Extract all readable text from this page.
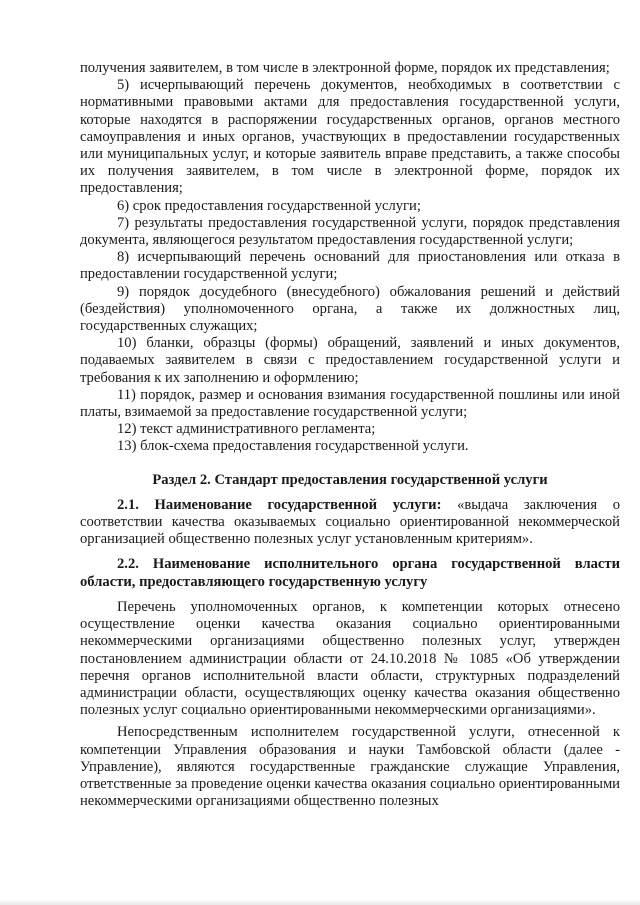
получения заявителем, в том числе в электронной форме, порядок их представления;

5) исчерпывающий перечень документов, необходимых в соответствии с нормативными правовыми актами для предоставления государственной услуги, которые находятся в распоряжении государственных органов, органов местного самоуправления и иных органов, участвующих в предоставлении государственных или муниципальных услуг, и которые заявитель вправе представить, а также способы их получения заявителем, в том числе в электронной форме, порядок их предоставления;

6) срок предоставления государственной услуги;

7) результаты предоставления государственной услуги, порядок представления документа, являющегося результатом предоставления государственной услуги;

8) исчерпывающий перечень оснований для приостановления или отказа в предоставлении государственной услуги;

9) порядок досудебного (внесудебного) обжалования решений и действий (бездействия) уполномоченного органа, а также их должностных лиц, государственных служащих;

10) бланки, образцы (формы) обращений, заявлений и иных документов, подаваемых заявителем в связи с предоставлением государственной услуги и требования к их заполнению и оформлению;

11) порядок, размер и основания взимания государственной пошлины или иной платы, взимаемой за предоставление государственной услуги;

12) текст административного регламента;

13) блок-схема предоставления государственной услуги.

Раздел 2. Стандарт предоставления государственной услуги

2.1. Наименование государственной услуги: «выдача заключения о соответствии качества оказываемых социально ориентированной некоммерческой организацией общественно полезных услуг установленным критериям».

2.2. Наименование исполнительного органа государственной власти области, предоставляющего государственную услугу

Перечень уполномоченных органов, к компетенции которых отнесено осуществление оценки качества оказания социально ориентированными некоммерческими организациями общественно полезных услуг, утвержден постановлением администрации области от 24.10.2018 № 1085 «Об утверждении перечня органов исполнительной власти области, структурных подразделений администрации области, осуществляющих оценку качества оказания общественно полезных услуг социально ориентированными некоммерческими организациями».

Непосредственным исполнителем государственной услуги, отнесенной к компетенции Управления образования и науки Тамбовской области (далее - Управление), являются государственные гражданские служащие Управления, ответственные за проведение оценки качества оказания социально ориентированными некоммерческими организациями общественно полезных
